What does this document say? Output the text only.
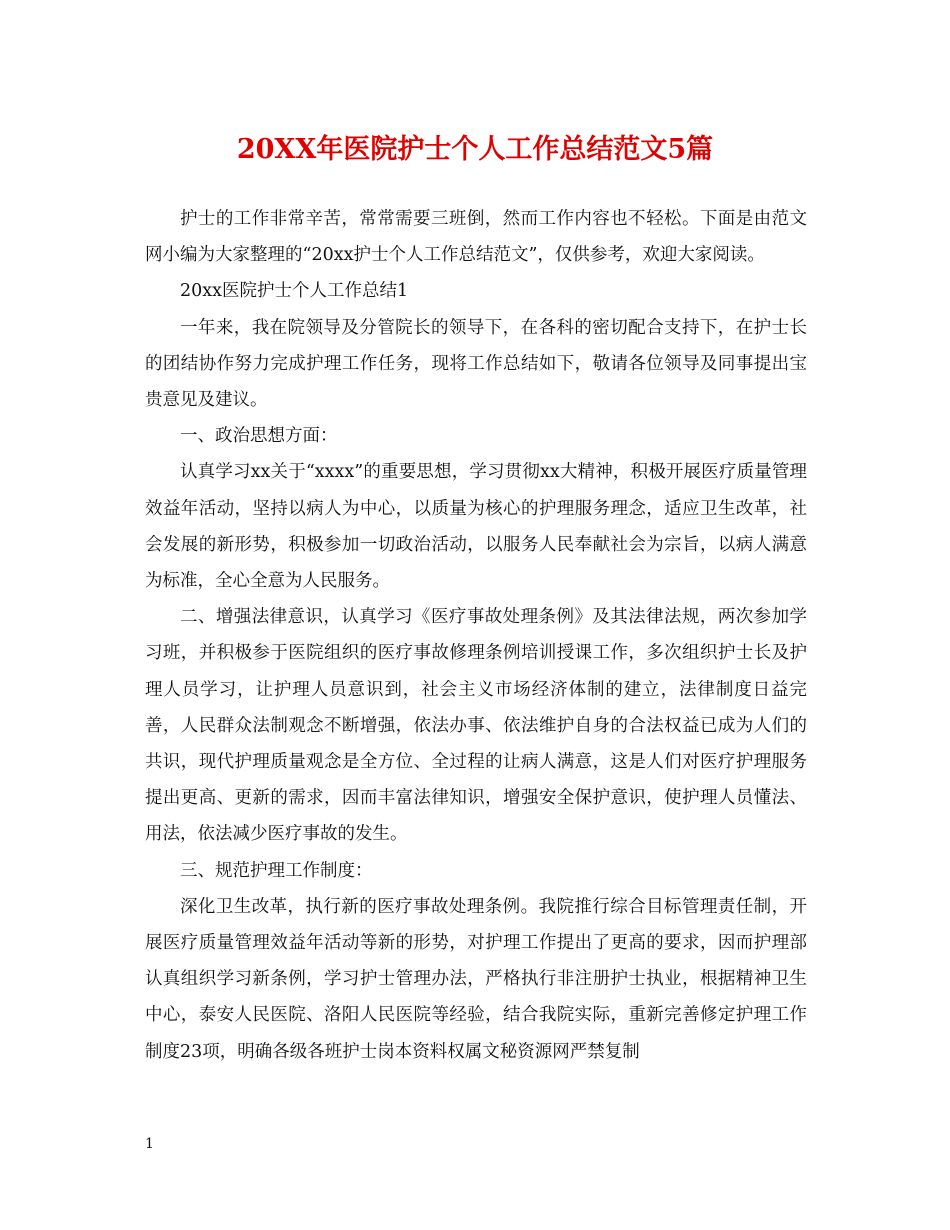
20XX年医院护士个人工作总结范文5篇

护士的工作非常辛苦，常常需要三班倒，然而工作内容也不轻松。下面是由范文网小编为大家整理的“20xx护士个人工作总结范文”，仅供参考，欢迎大家阅读。

20xx医院护士个人工作总结1

一年来，我在院领导及分管院长的领导下，在各科的密切配合支持下，在护士长的团结协作努力完成护理工作任务，现将工作总结如下，敬请各位领导及同事提出宝贵意见及建议。

一、政治思想方面：

认真学习xx关于“xxxx”的重要思想，学习贯彻xx大精神，积极开展医疗质量管理效益年活动，坚持以病人为中心，以质量为核心的护理服务理念，适应卫生改革，社会发展的新形势，积极参加一切政治活动，以服务人民奉献社会为宗旨，以病人满意为标准，全心全意为人民服务。

二、增强法律意识，认真学习《医疗事故处理条例》及其法律法规，两次参加学习班，并积极参于医院组织的医疗事故修理条例培训授课工作，多次组织护士长及护理人员学习，让护理人员意识到，社会主义市场经济体制的建立，法律制度日益完善，人民群众法制观念不断增强，依法办事、依法维护自身的合法权益已成为人们的共识，现代护理质量观念是全方位、全过程的让病人满意，这是人们对医疗护理服务提出更高、更新的需求，因而丰富法律知识，增强安全保护意识，使护理人员懂法、用法，依法减少医疗事故的发生。

三、规范护理工作制度：

深化卫生改革，执行新的医疗事故处理条例。我院推行综合目标管理责任制，开展医疗质量管理效益年活动等新的形势，对护理工作提出了更高的要求，因而护理部认真组织学习新条例，学习护士管理办法，严格执行非注册护士执业，根据精神卫生中心，泰安人民医院、洛阳人民医院等经验，结合我院实际，重新完善修定护理工作制度23项，明确各级各班护士岗本资料权属文秘资源网严禁复制

1
